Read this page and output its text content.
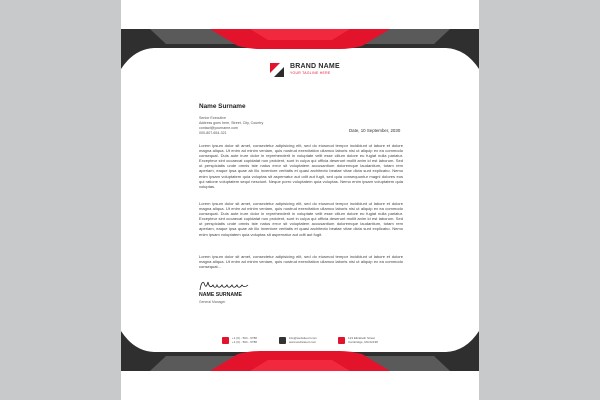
BRAND NAME
YOUR TAGLINE HERE
Name Surname
Senior Executive
Address goes here, Street, City, Country
contact@yourname.com
000-807-654-321	Date, 10 September, 2030

Lorem ipsum dolor sit amet, consectetur adipisicing elit, sed do eiusmod tempor incididunt ut labore et dolore magna aliqua. Ut enim ad minim veniam, quis nostrud exercitation ullamco laboris nisi ut aliquip ex ea commodo consequat. Duis aute irure dolor in reprehenderit in voluptate velit esse cillum dolore eu fugiat nulla pariatur. Excepteur sint occaecat cupidatat non proident, sunt in culpa qui officia deserunt mollit anim id est laborum. Sed ut perspiciatis unde omnis iste natus error sit voluptatem accusantium doloremque laudantium, totam rem aperiam, eaque ipsa quae ab illo inventore veritatis et quasi architecto beatae vitae dicta sunt explicabo. Nemo enim ipsam voluptatem quia voluptas sit aspernatur aut odit aut fugit, sed quia consequuntur magni dolores eos qui ratione voluptatem sequi nesciunt. Neque porro voluptatem quia voluptas. Nemo enim ipsam voluptatem quia voluptas.

Lorem ipsum dolor sit amet, consectetur adipisicing elit, sed do eiusmod tempor incididunt ut labore et dolore magna aliqua. Ut enim ad minim veniam, quis nostrud exercitation ullamco laboris nisi ut aliquip ex ea commodo consequat. Duis aute irure dolor in reprehenderit in voluptate velit esse cillum dolore eu fugiat nulla pariatur. Excepteur sint occaecat cupidatat non proident, sunt in culpa qui officia deserunt mollit anim id est laborum. Sed ut perspiciatis unde omnis iste natus error sit voluptatem accusantium doloremque laudantium, totam rem aperiam, eaque ipsa quae ab illo inventore veritatis et quasi architecto beatae vitae dicta sunt explicabo. Nemo enim ipsam voluptatem quia voluptas sit aspernatur aut odit aut fugit.

Lorem ipsum dolor sit amet, consectetur adipisicing elit, sed do eiusmod tempor incididunt ut labore et dolore magna aliqua. Ut enim ad minim veniam, quis nostrud exercitation ullamco laboris nisi ut aliquip ex ea commodo consequat...

NAME SURNAME
General Manager
+1 (0) - 564 - 6788
+1 (0) - 564 - 6788
info@websiteurl.com
www.websiteurl.com
123 Elizabeth Street
Cambridge, MA 02138
